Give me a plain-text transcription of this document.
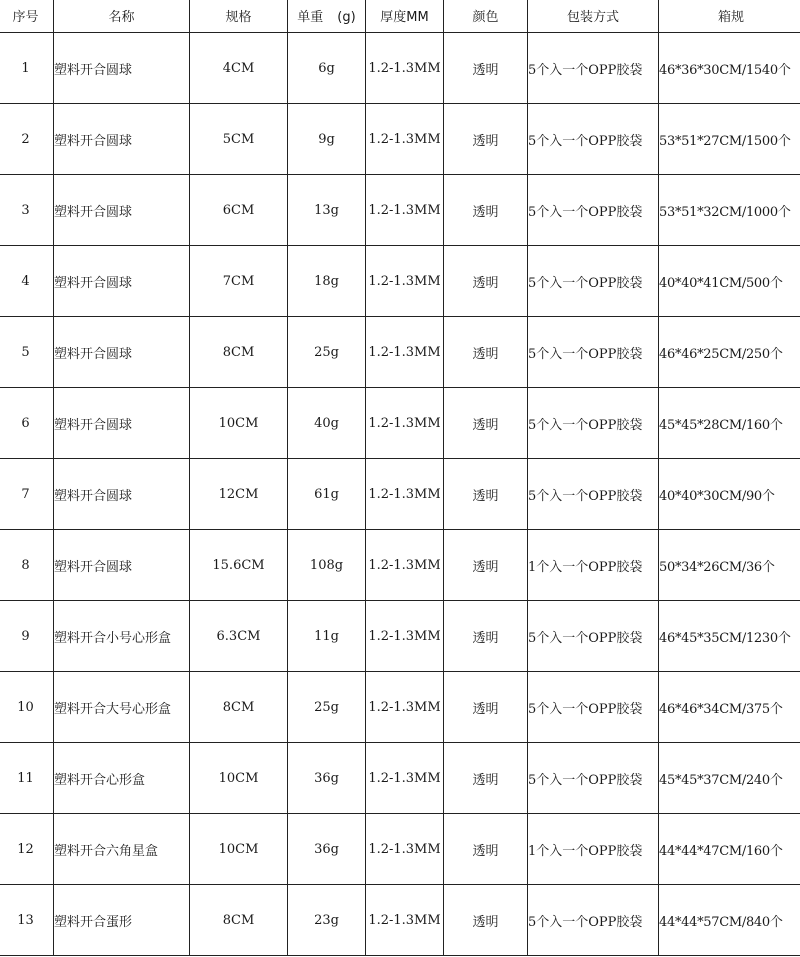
序号	名称	规格	单重 (g)	厚度MM	颜色	包装方式	箱规
1	塑料开合圆球	4CM	6g	1.2-1.3MM	透明	5个入一个OPP胶袋	46*36*30CM/1540个
2	塑料开合圆球	5CM	9g	1.2-1.3MM	透明	5个入一个OPP胶袋	53*51*27CM/1500个
3	塑料开合圆球	6CM	13g	1.2-1.3MM	透明	5个入一个OPP胶袋	53*51*32CM/1000个
4	塑料开合圆球	7CM	18g	1.2-1.3MM	透明	5个入一个OPP胶袋	40*40*41CM/500个
5	塑料开合圆球	8CM	25g	1.2-1.3MM	透明	5个入一个OPP胶袋	46*46*25CM/250个
6	塑料开合圆球	10CM	40g	1.2-1.3MM	透明	5个入一个OPP胶袋	45*45*28CM/160个
7	塑料开合圆球	12CM	61g	1.2-1.3MM	透明	5个入一个OPP胶袋	40*40*30CM/90个
8	塑料开合圆球	15.6CM	108g	1.2-1.3MM	透明	1个入一个OPP胶袋	50*34*26CM/36个
9	塑料开合小号心形盒	6.3CM	11g	1.2-1.3MM	透明	5个入一个OPP胶袋	46*45*35CM/1230个
10	塑料开合大号心形盒	8CM	25g	1.2-1.3MM	透明	5个入一个OPP胶袋	46*46*34CM/375个
11	塑料开合心形盒	10CM	36g	1.2-1.3MM	透明	5个入一个OPP胶袋	45*45*37CM/240个
12	塑料开合六角星盒	10CM	36g	1.2-1.3MM	透明	1个入一个OPP胶袋	44*44*47CM/160个
13	塑料开合蛋形	8CM	23g	1.2-1.3MM	透明	5个入一个OPP胶袋	44*44*57CM/840个
